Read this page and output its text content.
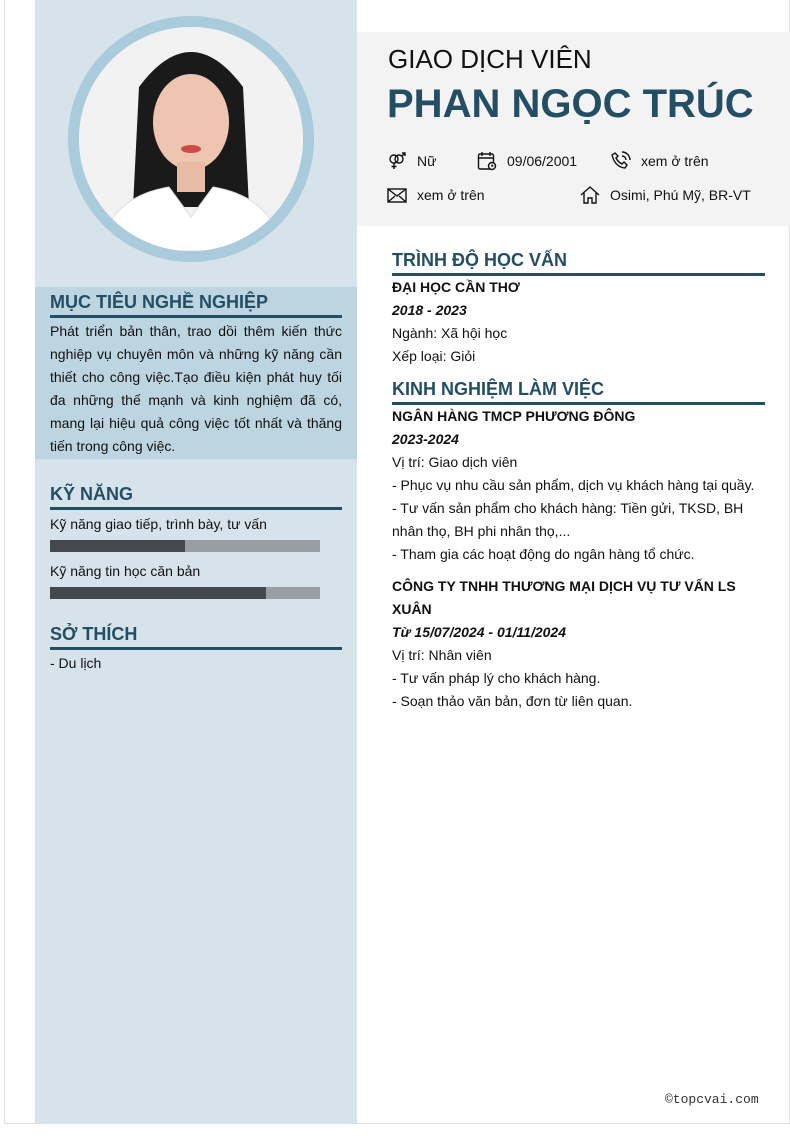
MỤC TIÊU NGHỀ NGHIỆP
Phát triển bản thân, trao dồi thêm kiến thức nghiệp vụ chuyên môn và những kỹ năng cần thiết cho công việc.Tạo điều kiện phát huy tối đa những thế mạnh và kinh nghiệm đã có, mang lại hiệu quả công việc tốt nhất và thăng tiến trong công việc.
KỸ NĂNG
Kỹ năng giao tiếp, trình bày, tư vấn
Kỹ năng tin học căn bản
SỞ THÍCH
- Du lịch
GIAO DỊCH VIÊN
PHAN NGỌC TRÚC
Nữ	09/06/2001	xem ở trên
xem ở trên	Osimi, Phú Mỹ, BR-VT
TRÌNH ĐỘ HỌC VẤN
ĐẠI HỌC CẦN THƠ
2018 - 2023
Ngành: Xã hội học
Xếp loại: Giỏi
KINH NGHIỆM LÀM VIỆC
NGÂN HÀNG TMCP PHƯƠNG ĐÔNG
2023-2024
Vị trí: Giao dịch viên
- Phục vụ nhu cầu sản phẩm, dịch vụ khách hàng tại quầy.
- Tư vấn sản phẩm cho khách hàng: Tiền gửi, TKSD, BH nhân thọ, BH phi nhân thọ,...
- Tham gia các hoạt động do ngân hàng tổ chức.
CÔNG TY TNHH THƯƠNG MẠI DỊCH VỤ TƯ VẤN LS XUÂN
Từ 15/07/2024 - 01/11/2024
Vị trí: Nhân viên
- Tư vấn pháp lý cho khách hàng.
- Soạn thảo văn bản, đơn từ liên quan.
©topcvai.com
